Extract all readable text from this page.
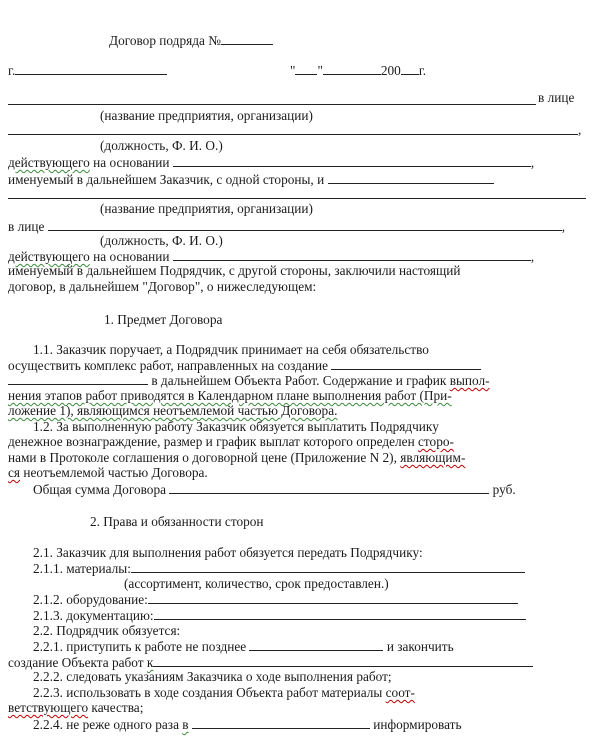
Договор подряда №
г.	" "	200 г.
в лице
(название предприятия, организации)
,
(должность, Ф. И. О.)
действующего на основании	,
именуемый в дальнейшем Заказчик, с одной стороны, и
(название предприятия, организации)
в лице	,
(должность, Ф. И. О.)
действующего на основании	,
именуемый в дальнейшем Подрядчик, с другой стороны, заключили настоящий
договор, в дальнейшем "Договор", о нижеследующем:
1. Предмет Договора
1.1. Заказчик поручает, а Подрядчик принимает на себя обязательство
осуществить комплекс работ, направленных на создание
в дальнейшем Объекта Работ. Содержание и график выпол-
нения этапов работ приводятся в Календарном плане выполнения работ (При-
ложение 1), являющимся неотъемлемой частью Договора.
1.2. За выполненную работу Заказчик обязуется выплатить Подрядчику
денежное вознаграждение, размер и график выплат которого определен сторо-
нами в Протоколе соглашения о договорной цене (Приложение N 2), являющим-
ся неотъемлемой частью Договора.
Общая сумма Договора	руб.
2. Права и обязанности сторон
2.1. Заказчик для выполнения работ обязуется передать Подрядчику:
2.1.1. материалы:
(ассортимент, количество, срок предоставлен.)
2.1.2. оборудование:
2.1.3. документацию:
2.2. Подрядчик обязуется:
2.2.1. приступить к работе не позднее	и закончить
создание Объекта работ к
2.2.2. следовать указаниям Заказчика о ходе выполнения работ;
2.2.3. использовать в ходе создания Объекта работ материалы соот-
ветствующего качества;
2.2.4. не реже одного раза в	информировать
